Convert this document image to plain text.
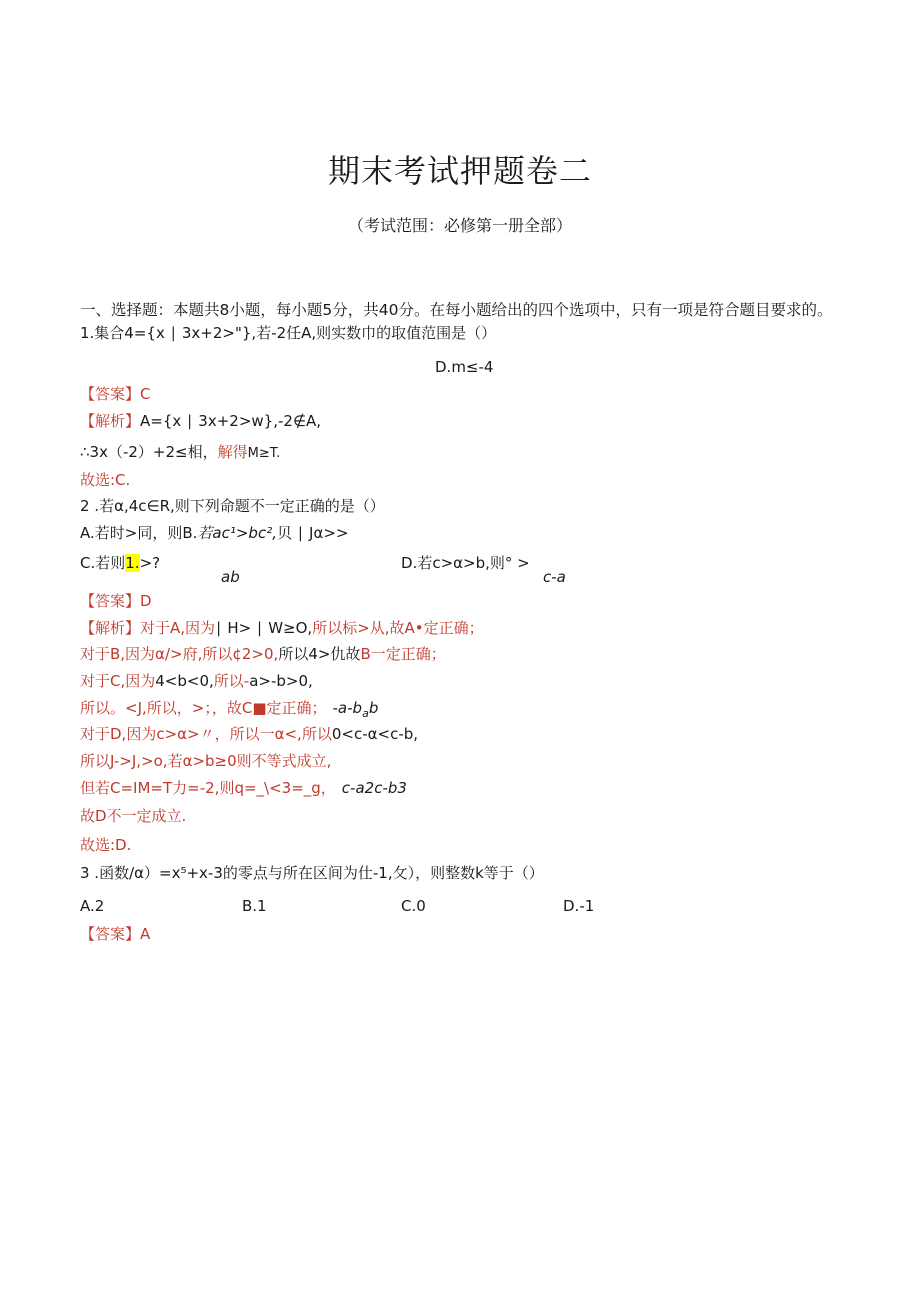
期末考试押题卷二
（考试范围：必修第一册全部）
一、选择题：本题共8小题，每小题5分，共40分。在每小题给出的四个选项中，只有一项是符合题目要求的。
1.集合4={x ∣ 3x+2>"},若-2任A,则实数巾的取值范围是（）
D.m≤-4
【答案】C
【解析】A={x ∣ 3x+2>w},-2∉A,
∴3x（-2）+2≤相，解得M≥T.
故选:C.
2 .若α,4c∈R,则下列命题不一定正确的是（）
A.若时>同，则B.若ac¹>bc²,贝 ∣ Jα>>
C.若则1.>?
ab
D.若c>α>b,则° >
c-a
【答案】D
【解析】对于A,因为∣ H> ∣ W≥O,所以标>从,故A•定正确；
对于B,因为α/>府,所以¢2>0,所以4>仇故B一定正确；
对于C,因为4<b<0,所以-a>-b>0,
所以。<J,所以，>；，故C■定正确； $-a-b_ab$
对于D,因为c>α>〃，所以一α<,所以0<c-α<c-b,
所以J->J,>o,若α>b≥0则不等式成立,
但若C=IM=T力=-2,则q=_\<3=_g， c-a2c-b3
故D不一定成立.
故选:D.
3 .函数/α）=x⁵+x-3的零点与所在区间为仕-1,攵），则整数k等于（）
A.2	B.1	C.0	D.-1
【答案】A
